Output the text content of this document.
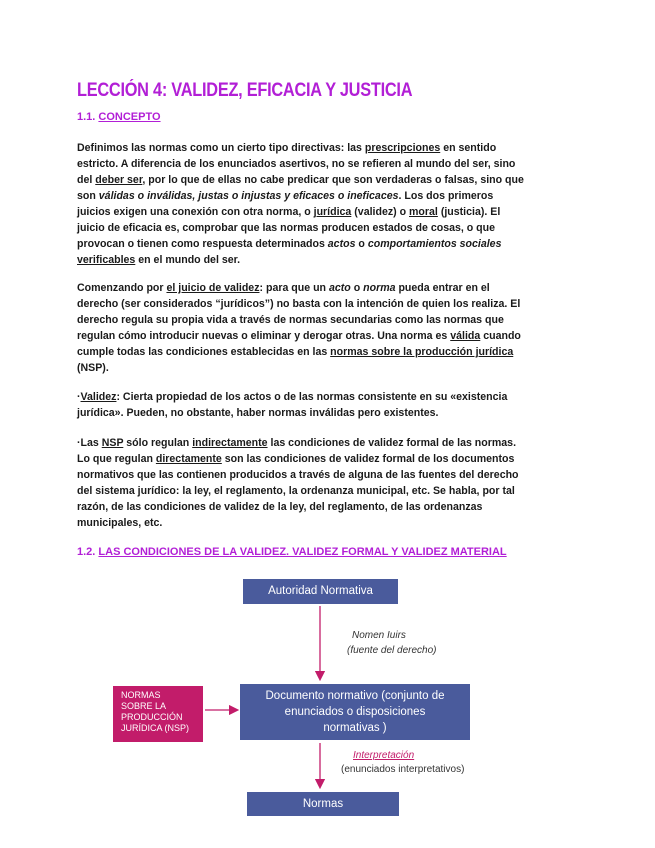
LECCIÓN 4: VALIDEZ, EFICACIA Y JUSTICIA
1.1. CONCEPTO
Definimos las normas como un cierto tipo directivas: las prescripciones en sentido
estricto. A diferencia de los enunciados asertivos, no se refieren al mundo del ser, sino
del deber ser, por lo que de ellas no cabe predicar que son verdaderas o falsas, sino que
son válidas o inválidas, justas o injustas y eficaces o ineficaces. Los dos primeros
juicios exigen una conexión con otra norma, o jurídica (validez) o moral (justicia). El
juicio de eficacia es, comprobar que las normas producen estados de cosas, o que
provocan o tienen como respuesta determinados actos o comportamientos sociales
verificables en el mundo del ser.
Comenzando por el juicio de validez: para que un acto o norma pueda entrar en el
derecho (ser considerados “jurídicos”) no basta con la intención de quien los realiza. El
derecho regula su propia vida a través de normas secundarias como las normas que
regulan cómo introducir nuevas o eliminar y derogar otras. Una norma es válida cuando
cumple todas las condiciones establecidas en las normas sobre la producción jurídica
(NSP).
·Validez: Cierta propiedad de los actos o de las normas consistente en su «existencia
jurídica». Pueden, no obstante, haber normas inválidas pero existentes.
·Las NSP sólo regulan indirectamente las condiciones de validez formal de las normas.
Lo que regulan directamente son las condiciones de validez formal de los documentos
normativos que las contienen producidos a través de alguna de las fuentes del derecho
del sistema jurídico: la ley, el reglamento, la ordenanza municipal, etc. Se habla, por tal
razón, de las condiciones de validez de la ley, del reglamento, de las ordenanzas
municipales, etc.
1.2. LAS CONDICIONES DE LA VALIDEZ. VALIDEZ FORMAL Y VALIDEZ MATERIAL
Autoridad Normativa
Nomen Iuirs
(fuente del derecho)
NORMAS
SOBRE LA
PRODUCCIÓN
JURÍDICA (NSP)
Documento normativo (conjunto de
enunciados o disposiciones
normativas )
Interpretación
(enunciados interpretativos)
Normas
